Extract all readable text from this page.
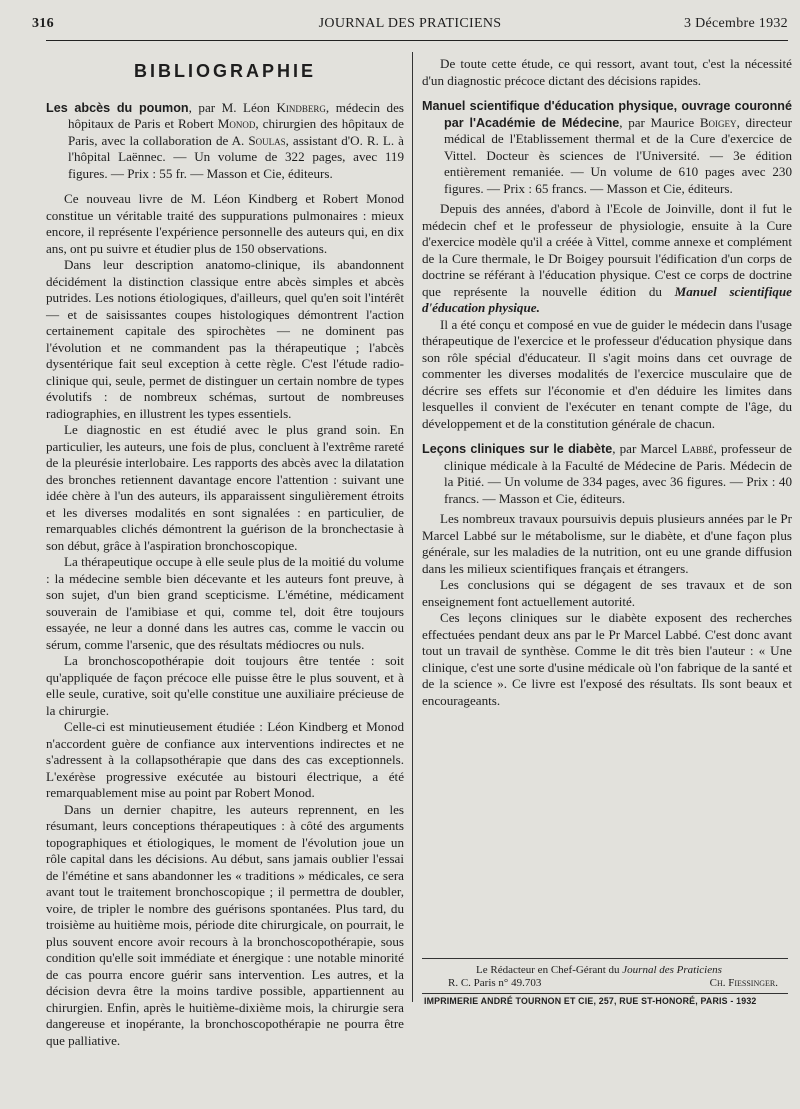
316	JOURNAL DES PRATICIENS	3 Décembre 1932
BIBLIOGRAPHIE

Les abcès du poumon, par M. Léon Kindberg, médecin des hôpitaux de Paris et Robert Monod, chirurgien des hôpitaux de Paris, avec la collaboration de A. Soulas, assistant d'O. R. L. à l'hôpital Laënnec. — Un volume de 322 pages, avec 119 figures. — Prix : 55 fr. — Masson et Cie, éditeurs.

Ce nouveau livre de M. Léon Kindberg et Robert Monod constitue un véritable traité des suppurations pulmonaires : mieux encore, il représente l'expérience personnelle des auteurs qui, en dix ans, ont pu suivre et étudier plus de 150 observations.

Dans leur description anatomo-clinique, ils abandonnent décidément la distinction classique entre abcès simples et abcès putrides. Les notions étiologiques, d'ailleurs, quel qu'en soit l'intérêt — et de saisissantes coupes histologiques démontrent l'action certainement capitale des spirochètes — ne dominent pas l'évolution et ne commandent pas la thérapeutique ; l'abcès dysentérique fait seul exception à cette règle. C'est l'étude radio-clinique qui, seule, permet de distinguer un certain nombre de types évolutifs : de nombreux schémas, surtout de nombreuses radiographies, en illustrent les types essentiels.

Le diagnostic en est étudié avec le plus grand soin. En particulier, les auteurs, une fois de plus, concluent à l'extrême rareté de la pleurésie interlobaire. Les rapports des abcès avec la dilatation des bronches retiennent davantage encore l'attention : suivant une idée chère à l'un des auteurs, ils apparaissent singulièrement étroits et les diverses modalités en sont signalées : en particulier, de remarquables clichés démontrent la guérison de la bronchectasie à son début, grâce à l'aspiration bronchoscopique.

La thérapeutique occupe à elle seule plus de la moitié du volume : la médecine semble bien décevante et les auteurs font preuve, à son sujet, d'un bien grand scepticisme. L'émétine, médicament souverain de l'amibiase et qui, comme tel, doit être toujours essayée, ne leur a donné dans les autres cas, comme le vaccin ou sérum, comme l'arsenic, que des résultats médiocres ou nuls.

La bronchoscopothérapie doit toujours être tentée : soit qu'appliquée de façon précoce elle puisse être le plus souvent, et à elle seule, curative, soit qu'elle constitue une auxiliaire précieuse de la chirurgie.

Celle-ci est minutieusement étudiée : Léon Kindberg et Monod n'accordent guère de confiance aux interventions indirectes et ne s'adressent à la collapsothérapie que dans des cas exceptionnels. L'exérèse progressive exécutée au bistouri électrique, a été remarquablement mise au point par Robert Monod.

Dans un dernier chapitre, les auteurs reprennent, en les résumant, leurs conceptions thérapeutiques : à côté des arguments topographiques et étiologiques, le moment de l'évolution joue un rôle capital dans les décisions. Au début, sans jamais oublier l'essai de l'émétine et sans abandonner les « traditions » médicales, ce sera avant tout le traitement bronchoscopique ; il permettra de doubler, voire, de tripler le nombre des guérisons spontanées. Plus tard, du troisième au huitième mois, période dite chirurgicale, on pourrait, le plus souvent encore avoir recours à la bronchoscopothérapie, sous condition qu'elle soit immédiate et énergique : une notable minorité de cas pourra encore guérir sans intervention. Les autres, et la décision devra être la moins tardive possible, appartiennent au chirurgien. Enfin, après le huitième-dixième mois, la chirurgie sera dangereuse et inopérante, la bronchoscopothérapie ne pourra être que palliative.

De toute cette étude, ce qui ressort, avant tout, c'est la nécessité d'un diagnostic précoce dictant des décisions rapides.

Manuel scientifique d'éducation physique, ouvrage couronné par l'Académie de Médecine, par Maurice Boigey, directeur médical de l'Etablissement thermal et de la Cure d'exercice de Vittel. Docteur ès sciences de l'Université. — 3e édition entièrement remaniée. — Un volume de 610 pages avec 230 figures. — Prix : 65 francs. — Masson et Cie, éditeurs.

Depuis des années, d'abord à l'Ecole de Joinville, dont il fut le médecin chef et le professeur de physiologie, ensuite à la Cure d'exercice modèle qu'il a créée à Vittel, comme annexe et complément de la Cure thermale, le Dr Boigey poursuit l'édification d'un corps de doctrine se référant à l'éducation physique. C'est ce corps de doctrine que représente la nouvelle édition du Manuel scientifique d'éducation physique.

Il a été conçu et composé en vue de guider le médecin dans l'usage thérapeutique de l'exercice et le professeur d'éducation physique dans son rôle spécial d'éducateur. Il s'agit moins dans cet ouvrage de commenter les diverses modalités de l'exercice musculaire que de décrire ses effets sur l'économie et d'en déduire les limites dans lesquelles il convient de l'exécuter en tenant compte de l'âge, du développement et de la constitution générale de chacun.

Leçons cliniques sur le diabète, par Marcel Labbé, professeur de clinique médicale à la Faculté de Médecine de Paris. Médecin de la Pitié. — Un volume de 334 pages, avec 36 figures. — Prix : 40 francs. — Masson et Cie, éditeurs.

Les nombreux travaux poursuivis depuis plusieurs années par le Pr Marcel Labbé sur le métabolisme, sur le diabète, et d'une façon plus générale, sur les maladies de la nutrition, ont eu une grande diffusion dans les milieux scientifiques français et étrangers.

Les conclusions qui se dégagent de ses travaux et de son enseignement font actuellement autorité.

Ces leçons cliniques sur le diabète exposent des recherches effectuées pendant deux ans par le Pr Marcel Labbé. C'est donc avant tout un travail de synthèse. Comme le dit très bien l'auteur : « Une clinique, c'est une sorte d'usine médicale où l'on fabrique de la santé et de la science ». Ce livre est l'exposé des résultats. Ils sont beaux et encourageants.

Le Rédacteur en Chef-Gérant du Journal des Praticiens
R. C. Paris n° 49.703	Ch. Fiessinger.
IMPRIMERIE ANDRÉ TOURNON ET CIE, 257, RUE ST-HONORÉ, PARIS - 1932
